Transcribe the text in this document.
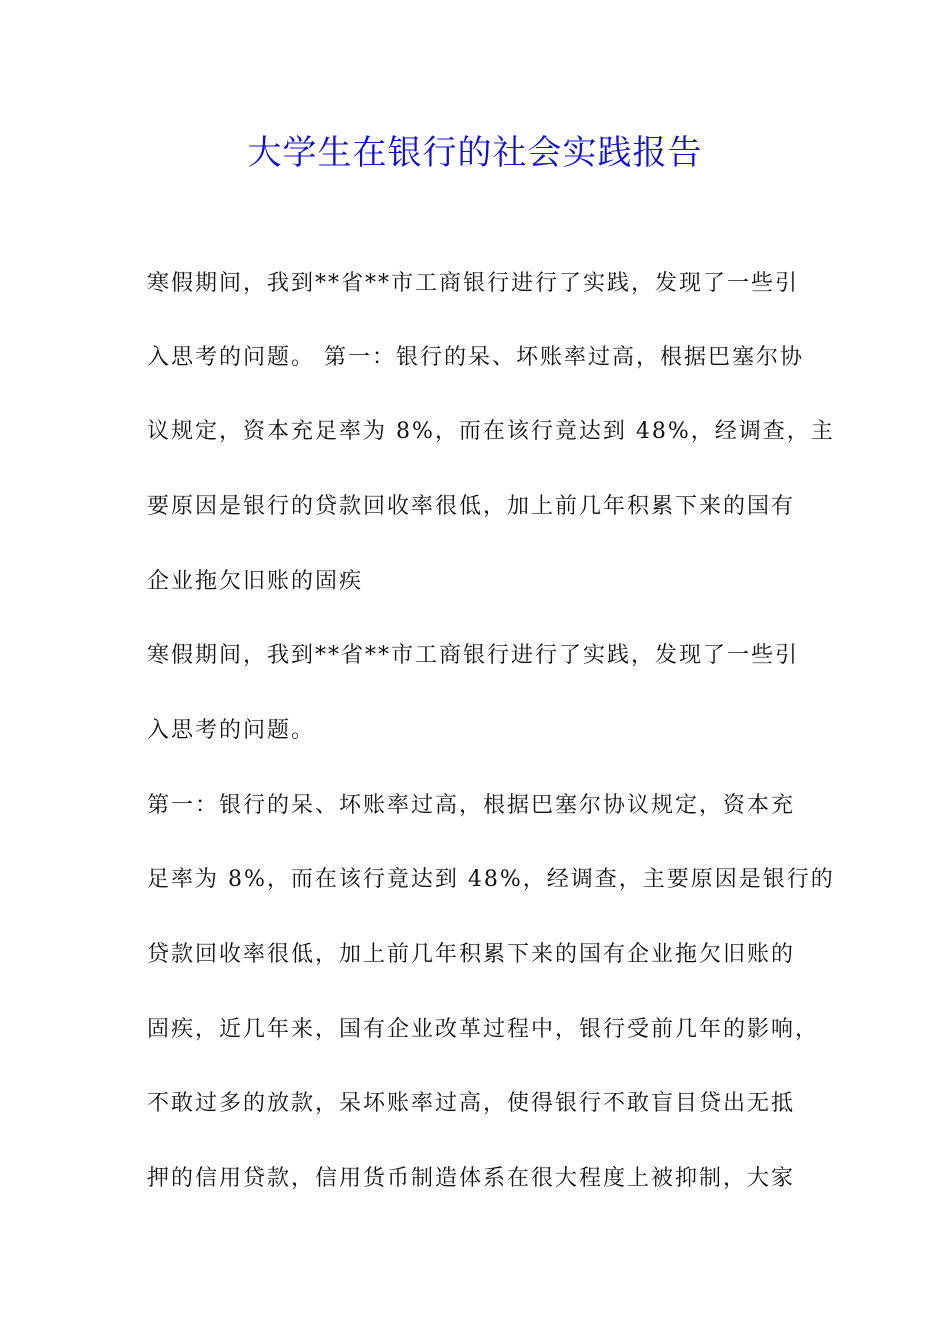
大学生在银行的社会实践报告
寒假期间，我到**省**市工商银行进行了实践，发现了一些引
入思考的问题。 第一：银行的呆、坏账率过高，根据巴塞尔协
议规定，资本充足率为 8%，而在该行竟达到 48%，经调查，主
要原因是银行的贷款回收率很低，加上前几年积累下来的国有
企业拖欠旧账的固疾
寒假期间，我到**省**市工商银行进行了实践，发现了一些引
入思考的问题。
第一：银行的呆、坏账率过高，根据巴塞尔协议规定，资本充
足率为 8%，而在该行竟达到 48%，经调查，主要原因是银行的
贷款回收率很低，加上前几年积累下来的国有企业拖欠旧账的
固疾，近几年来，国有企业改革过程中，银行受前几年的影响，
不敢过多的放款，呆坏账率过高，使得银行不敢盲目贷出无抵
押的信用贷款，信用货币制造体系在很大程度上被抑制，大家
